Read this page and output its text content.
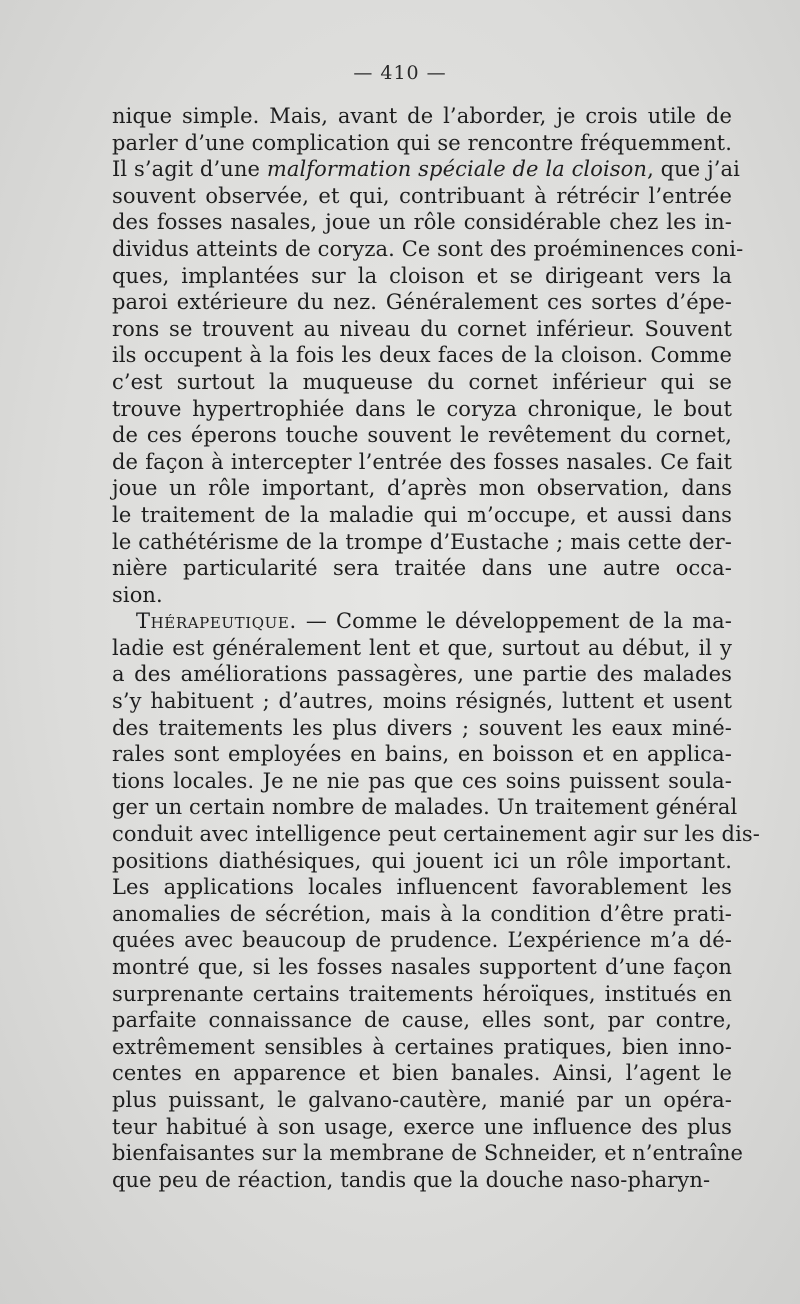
— 410 —
nique simple. Mais, avant de l’aborder, je crois utile de
parler d’une complication qui se rencontre fréquemment.
Il s’agit d’une malformation spéciale de la cloison, que j’ai
souvent observée, et qui, contribuant à rétrécir l’entrée
des fosses nasales, joue un rôle considérable chez les in-
dividus atteints de coryza. Ce sont des proéminences coni-
ques, implantées sur la cloison et se dirigeant vers la
paroi extérieure du nez. Généralement ces sortes d’épe-
rons se trouvent au niveau du cornet inférieur. Souvent
ils occupent à la fois les deux faces de la cloison. Comme
c’est surtout la muqueuse du cornet inférieur qui se
trouve hypertrophiée dans le coryza chronique, le bout
de ces éperons touche souvent le revêtement du cornet,
de façon à intercepter l’entrée des fosses nasales. Ce fait
joue un rôle important, d’après mon observation, dans
le traitement de la maladie qui m’occupe, et aussi dans
le cathétérisme de la trompe d’Eustache ; mais cette der-
nière particularité sera traitée dans une autre occa-
sion.
Thérapeutique. — Comme le développement de la ma-
ladie est généralement lent et que, surtout au début, il y
a des améliorations passagères, une partie des malades
s’y habituent ; d’autres, moins résignés, luttent et usent
des traitements les plus divers ; souvent les eaux miné-
rales sont employées en bains, en boisson et en applica-
tions locales. Je ne nie pas que ces soins puissent soula-
ger un certain nombre de malades. Un traitement général
conduit avec intelligence peut certainement agir sur les dis-
positions diathésiques, qui jouent ici un rôle important.
Les applications locales influencent favorablement les
anomalies de sécrétion, mais à la condition d’être prati-
quées avec beaucoup de prudence. L’expérience m’a dé-
montré que, si les fosses nasales supportent d’une façon
surprenante certains traitements héroïques, institués en
parfaite connaissance de cause, elles sont, par contre,
extrêmement sensibles à certaines pratiques, bien inno-
centes en apparence et bien banales. Ainsi, l’agent le
plus puissant, le galvano-cautère, manié par un opéra-
teur habitué à son usage, exerce une influence des plus
bienfaisantes sur la membrane de Schneider, et n’entraîne
que peu de réaction, tandis que la douche naso-pharyn-
